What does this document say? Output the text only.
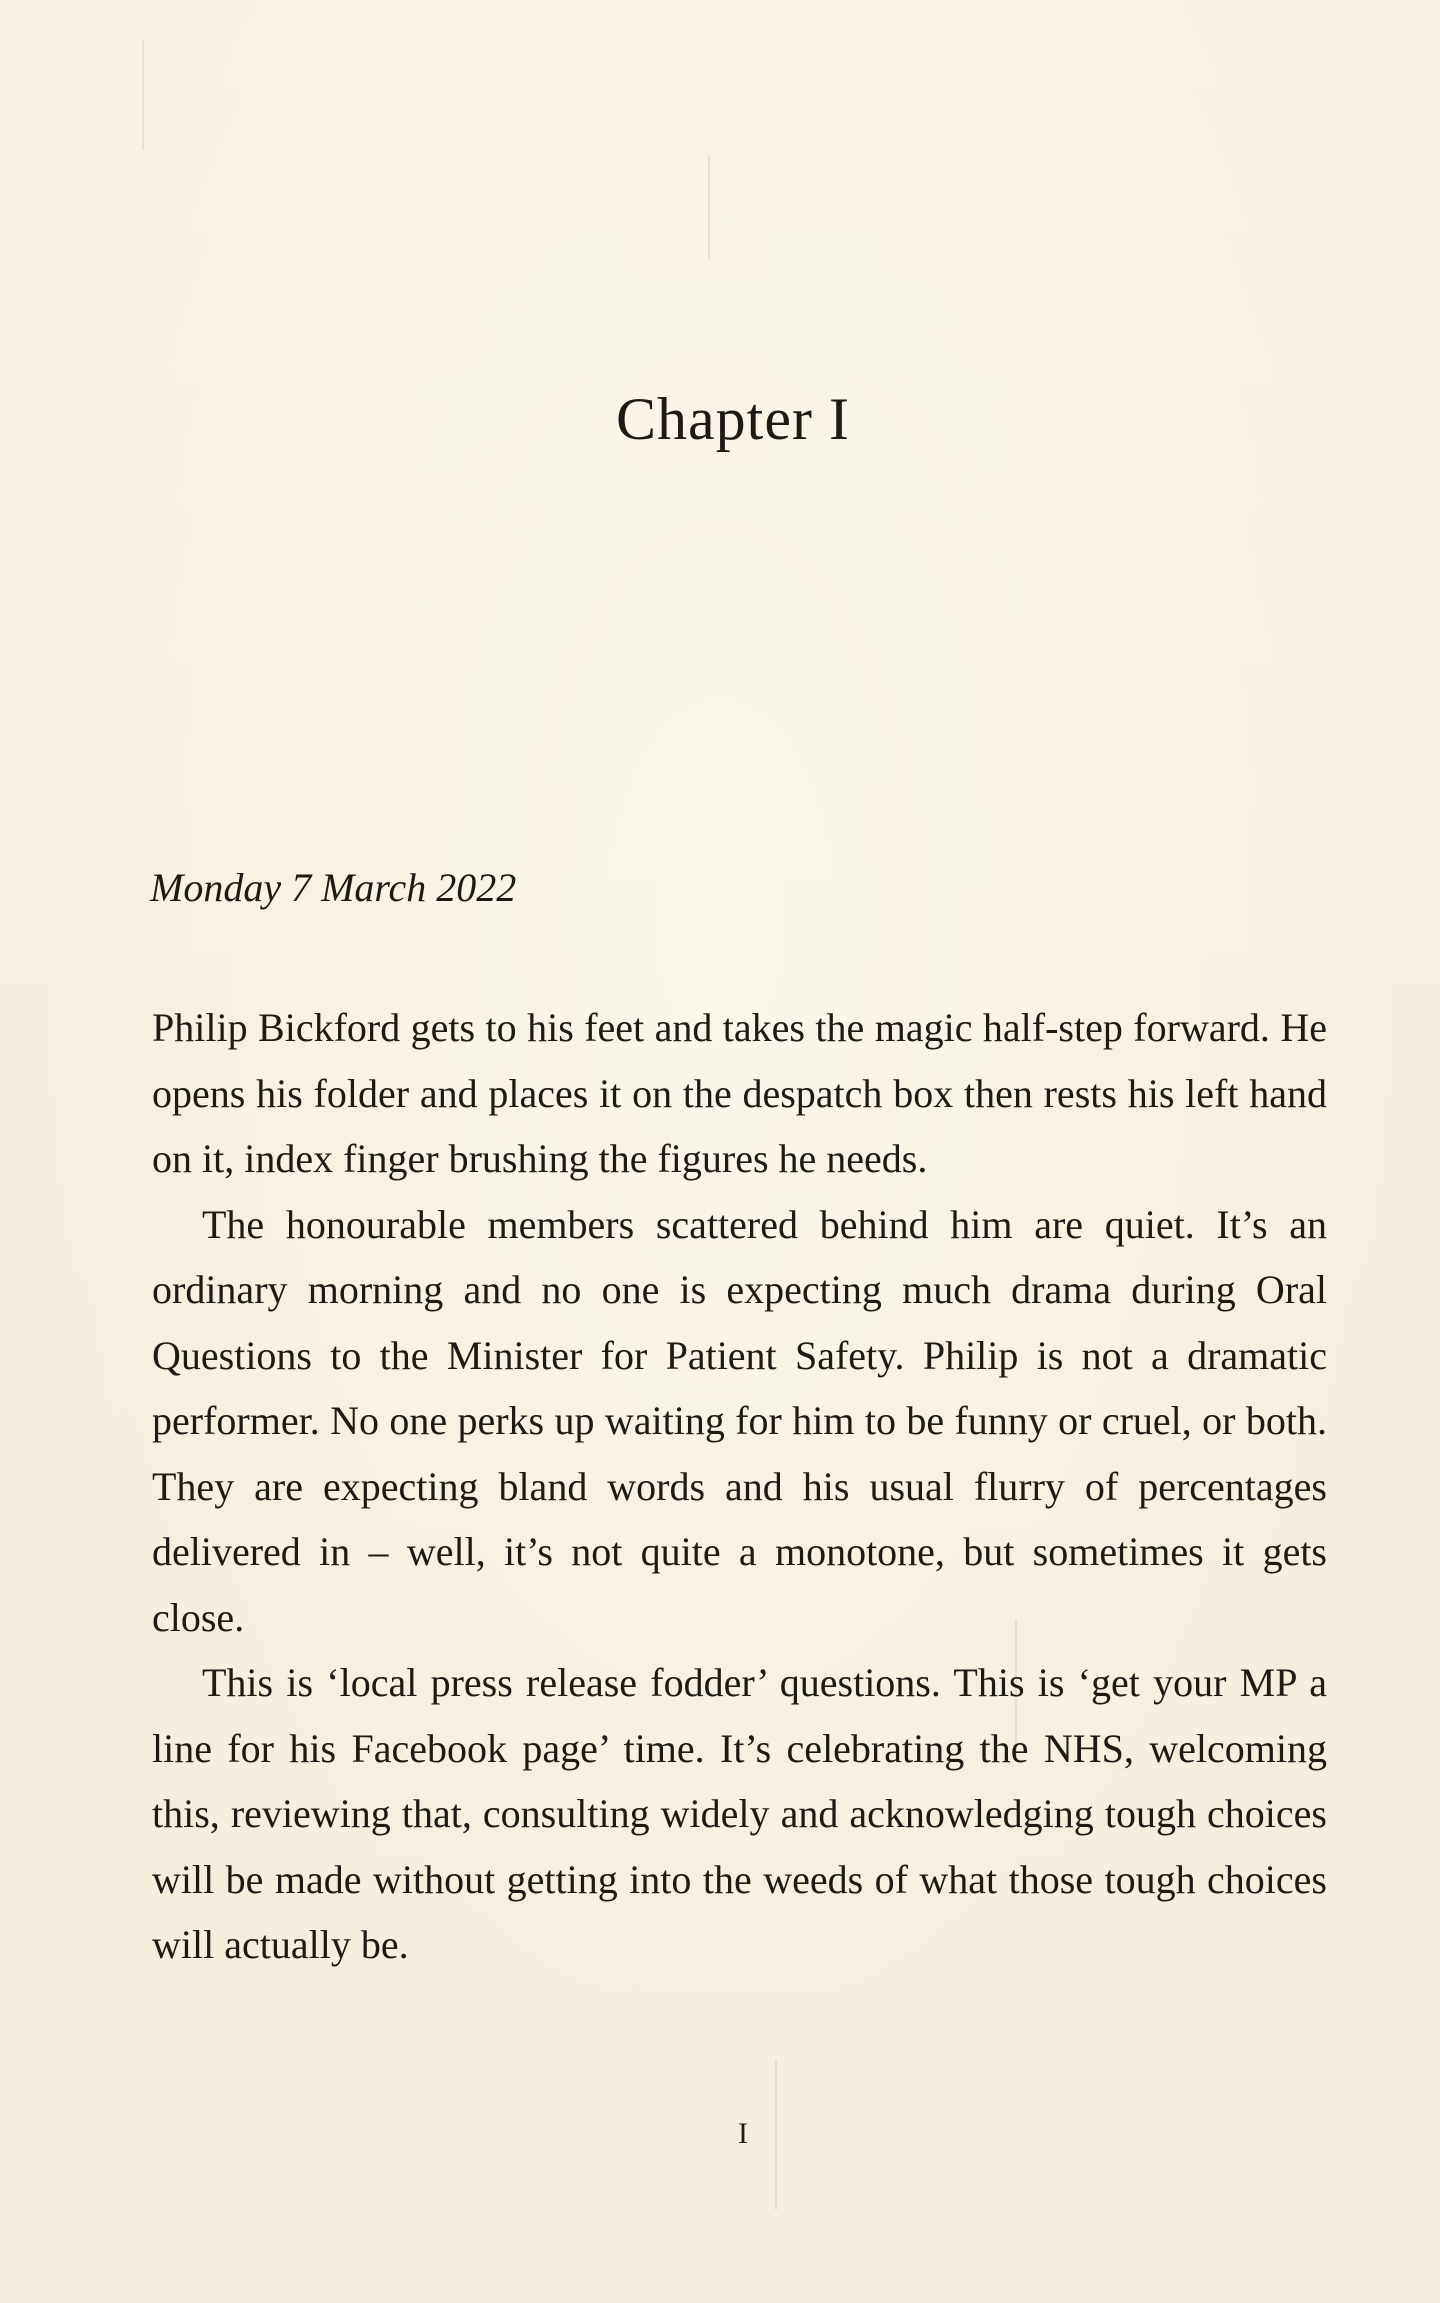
Chapter I

Monday 7 March 2022

Philip Bickford gets to his feet and takes the magic half-step forward. He opens his folder and places it on the despatch box then rests his left hand on it, index finger brushing the figures he needs.

The honourable members scattered behind him are quiet. It’s an ordinary morning and no one is expecting much drama during Oral Questions to the Minister for Patient Safety. Philip is not a dramatic performer. No one perks up waiting for him to be funny or cruel, or both. They are expecting bland words and his usual flurry of percentages delivered in – well, it’s not quite a monotone, but sometimes it gets close.

This is ‘local press release fodder’ questions. This is ‘get your MP a line for his Facebook page’ time. It’s celebrating the NHS, welcoming this, reviewing that, consulting widely and acknowledging tough choices will be made without getting into the weeds of what those tough choices will actually be.

I
